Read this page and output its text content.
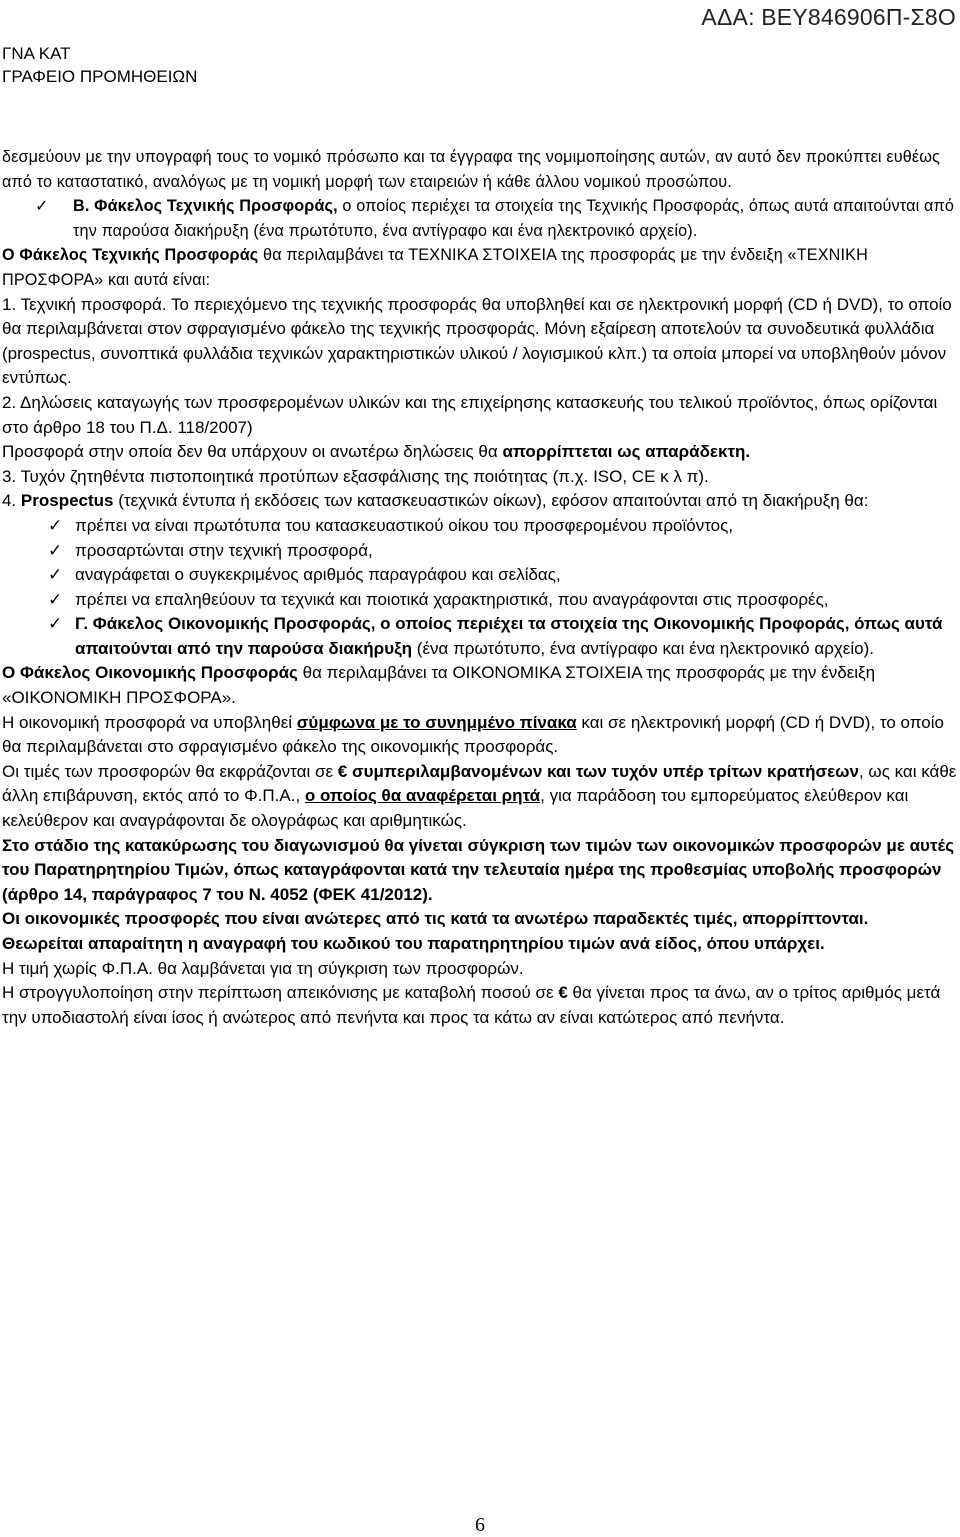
ΓΝΑ ΚΑΤ
ΓΡΑΦΕΙΟ ΠΡΟΜΗΘΕΙΩΝ
ΑΔΑ: ΒΕΥ846906Π-Σ8Ο

δεσμεύουν με την υπογραφή τους το νομικό πρόσωπο και τα έγγραφα της νομιμοποίησης αυτών, αν αυτό δεν προκύπτει ευθέως από το καταστατικό, αναλόγως με τη νομική μορφή των εταιρειών ή κάθε άλλου νομικού προσώπου.

✓ Β. Φάκελος Τεχνικής Προσφοράς, ο οποίος περιέχει τα στοιχεία της Τεχνικής Προσφοράς, όπως αυτά απαιτούνται από την παρούσα διακήρυξη (ένα πρωτότυπο, ένα αντίγραφο και ένα ηλεκτρονικό αρχείο).

Ο Φάκελος Τεχνικής Προσφοράς θα περιλαμβάνει τα ΤΕΧΝΙΚΑ ΣΤΟΙΧΕΙΑ της προσφοράς με την ένδειξη «ΤΕΧΝΙΚΗ ΠΡΟΣΦΟΡΑ» και αυτά είναι:

1. Τεχνική προσφορά. Το περιεχόμενο της τεχνικής προσφοράς θα υποβληθεί και σε ηλεκτρονική μορφή (CD ή DVD), το οποίο θα περιλαμβάνεται στον σφραγισμένο φάκελο της τεχνικής προσφοράς. Μόνη εξαίρεση αποτελούν τα συνοδευτικά φυλλάδια (prospectus, συνοπτικά φυλλάδια τεχνικών χαρακτηριστικών υλικού / λογισμικού κλπ.) τα οποία μπορεί να υποβληθούν μόνον εντύπως.

2. Δηλώσεις καταγωγής των προσφερομένων υλικών και της επιχείρησης κατασκευής του τελικού προϊόντος, όπως ορίζονται στο άρθρο 18 του Π.Δ. 118/2007)

Προσφορά στην οποία δεν θα υπάρχουν οι ανωτέρω δηλώσεις θα απορρίπτεται ως απαράδεκτη.

3. Τυχόν ζητηθέντα πιστοποιητικά προτύπων εξασφάλισης της ποιότητας (π.χ. ISO, CE κ λ π).

4. Prospectus (τεχνικά έντυπα ή εκδόσεις των κατασκευαστικών οίκων), εφόσον απαιτούνται από τη διακήρυξη θα:

✓ πρέπει να είναι πρωτότυπα του κατασκευαστικού οίκου του προσφερομένου προϊόντος,

✓ προσαρτώνται στην τεχνική προσφορά,

✓ αναγράφεται ο συγκεκριμένος αριθμός παραγράφου και σελίδας,

✓ πρέπει να επαληθεύουν τα τεχνικά και ποιοτικά χαρακτηριστικά, που αναγράφονται στις προσφορές,

✓ Γ. Φάκελος Οικονομικής Προσφοράς, ο οποίος περιέχει τα στοιχεία της Οικονομικής Προφοράς, όπως αυτά απαιτούνται από την παρούσα διακήρυξη (ένα πρωτότυπο, ένα αντίγραφο και ένα ηλεκτρονικό αρχείο).

Ο Φάκελος Οικονομικής Προσφοράς θα περιλαμβάνει τα ΟΙΚΟΝΟΜΙΚΑ ΣΤΟΙΧΕΙΑ της προσφοράς με την ένδειξη «ΟΙΚΟΝΟΜΙΚΗ ΠΡΟΣΦΟΡΑ».

Η οικονομική προσφορά να υποβληθεί σύμφωνα με το συνημμένο πίνακα και σε ηλεκτρονική μορφή (CD ή DVD), το οποίο θα περιλαμβάνεται στο σφραγισμένο φάκελο της οικονομικής προσφοράς.

Οι τιμές των προσφορών θα εκφράζονται σε € συμπεριλαμβανομένων και των τυχόν υπέρ τρίτων κρατήσεων, ως και κάθε άλλη επιβάρυνση, εκτός από το Φ.Π.Α., ο οποίος θα αναφέρεται ρητά, για παράδοση του εμπορεύματος ελεύθερον και κελεύθερον και αναγράφονται δε ολογράφως και αριθμητικώς.

Στο στάδιο της κατακύρωσης του διαγωνισμού θα γίνεται σύγκριση των τιμών των οικονομικών προσφορών με αυτές του Παρατηρητηρίου Τιμών, όπως καταγράφονται κατά την τελευταία ημέρα της προθεσμίας υποβολής προσφορών (άρθρο 14, παράγραφος 7 του Ν. 4052 (ΦΕΚ 41/2012).

Οι οικονομικές προσφορές που είναι ανώτερες από τις κατά τα ανωτέρω παραδεκτές τιμές, απορρίπτονται.

Θεωρείται απαραίτητη η αναγραφή του κωδικού του παρατηρητηρίου τιμών ανά είδος, όπου υπάρχει.

Η τιμή χωρίς Φ.Π.Α. θα λαμβάνεται για τη σύγκριση των προσφορών.

Η στρογγυλοποίηση στην περίπτωση απεικόνισης με καταβολή ποσού σε € θα γίνεται προς τα άνω, αν ο τρίτος αριθμός μετά την υποδιαστολή είναι ίσος ή ανώτερος από πενήντα και προς τα κάτω αν είναι κατώτερος από πενήντα.

6
